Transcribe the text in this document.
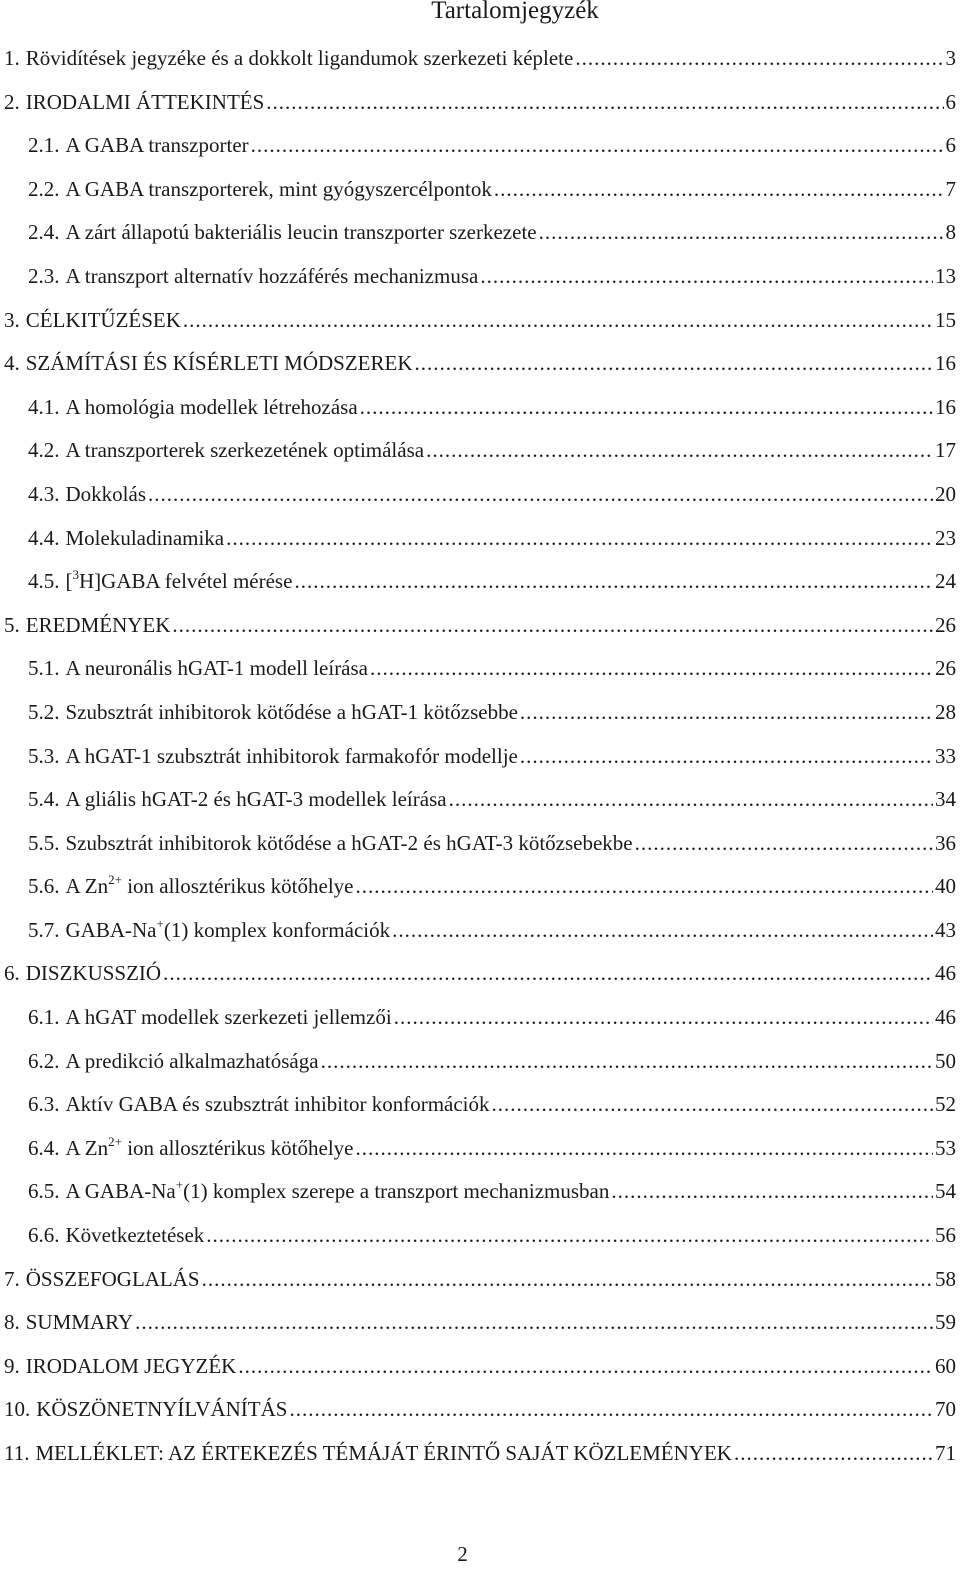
Tartalomjegyzék
1. Rövidítések jegyzéke és a dokkolt ligandumok szerkezeti képlete .....	3
2. IRODALMI ÁTTEKINTÉS .....	6
2.1. A GABA transzporter .....	6
2.2. A GABA transzporterek, mint gyógyszercélpontok .....	7
2.4. A zárt állapotú bakteriális leucin transzporter szerkezete .....	8
2.3. A transzport alternatív hozzáférés mechanizmusa .....	13
3. CÉLKITŰZÉSEK .....	15
4. SZÁMÍTÁSI ÉS KÍSÉRLETI MÓDSZEREK .....	16
4.1. A homológia modellek létrehozása .....	16
4.2. A transzporterek szerkezetének optimálása .....	17
4.3. Dokkolás .....	20
4.4. Molekuladinamika .....	23
4.5. [$^3$H]GABA felvétel mérése .....	24
5. EREDMÉNYEK .....	26
5.1. A neuronális hGAT-1 modell leírása .....	26
5.2. Szubsztrát inhibitorok kötődése a hGAT-1 kötőzsebbe .....	28
5.3. A hGAT-1 szubsztrát inhibitorok farmakofór modellje .....	33
5.4. A gliális hGAT-2 és hGAT-3 modellek leírása .....	34
5.5. Szubsztrát inhibitorok kötődése a hGAT-2 és hGAT-3 kötőzsebekbe .....	36
5.6. A $Zn^{2+}$ ion allosztérikus kötőhelye .....	40
5.7. GABA-Na+(1) komplex konformációk .....	43
6. DISZKUSSZIÓ .....	46
6.1. A hGAT modellek szerkezeti jellemzői .....	46
6.2. A predikció alkalmazhatósága .....	50
6.3. Aktív GABA és szubsztrát inhibitor konformációk .....	52
6.4. A $Zn^{2+}$ ion allosztérikus kötőhelye .....	53
6.5. A GABA-Na+(1) komplex szerepe a transzport mechanizmusban .....	54
6.6. Következtetések .....	56
7. ÖSSZEFOGLALÁS .....	58
8. SUMMARY .....	59
9. IRODALOM JEGYZÉK .....	60
10. KÖSZÖNETNYÍLVÁNÍTÁS .....	70
11. MELLÉKLET: AZ ÉRTEKEZÉS TÉMÁJÁT ÉRINTŐ SAJÁT KÖZLEMÉNYEK .....	71

2
